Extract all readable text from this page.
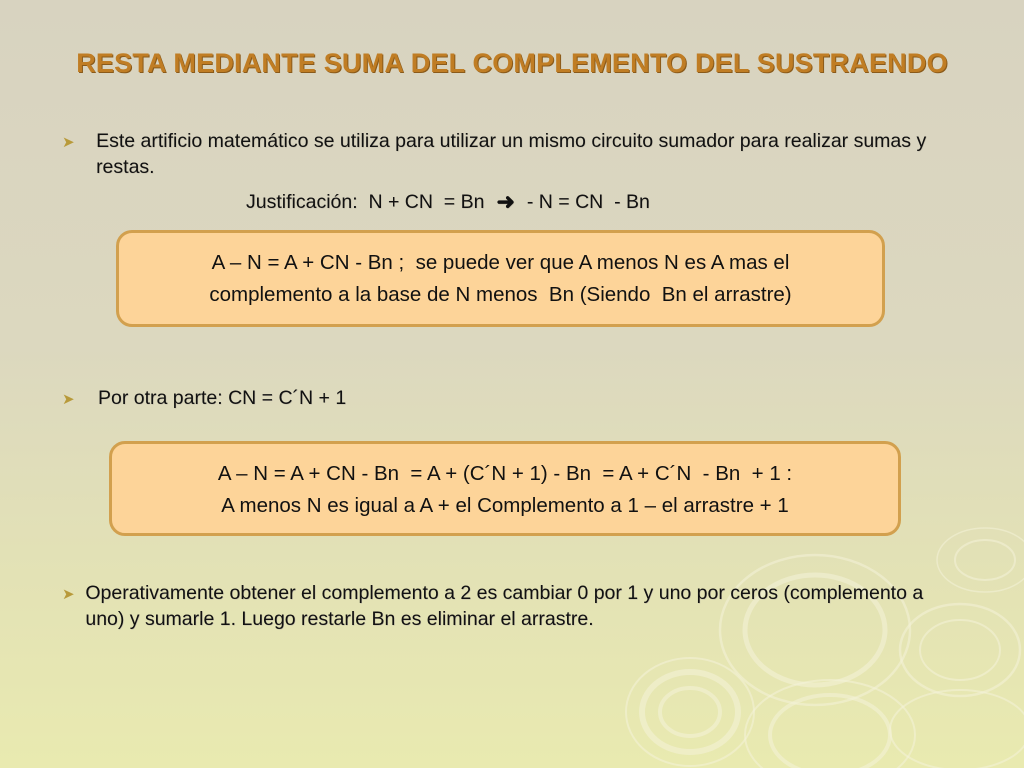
RESTA MEDIANTE SUMA DEL COMPLEMENTO DEL SUSTRAENDO
➤	Este artificio matemático se utiliza para utilizar un mismo circuito sumador para realizar sumas y restas.
Justificación:  N + CN  = Bn ➜ - N = CN  - Bn
A – N = A + CN - Bn ;  se puede ver que A menos N es A mas el
complemento a la base de N menos  Bn (Siendo  Bn el arrastre)
➤	Por otra parte: CN = C´N + 1
A – N = A + CN - Bn  = A + (C´N + 1) - Bn  = A + C´N  - Bn  + 1 :
A menos N es igual a A + el Complemento a 1 – el arrastre + 1
➤ Operativamente obtener el complemento a 2 es cambiar 0 por 1 y uno por ceros (complemento a uno) y sumarle 1. Luego restarle Bn es eliminar el arrastre.
